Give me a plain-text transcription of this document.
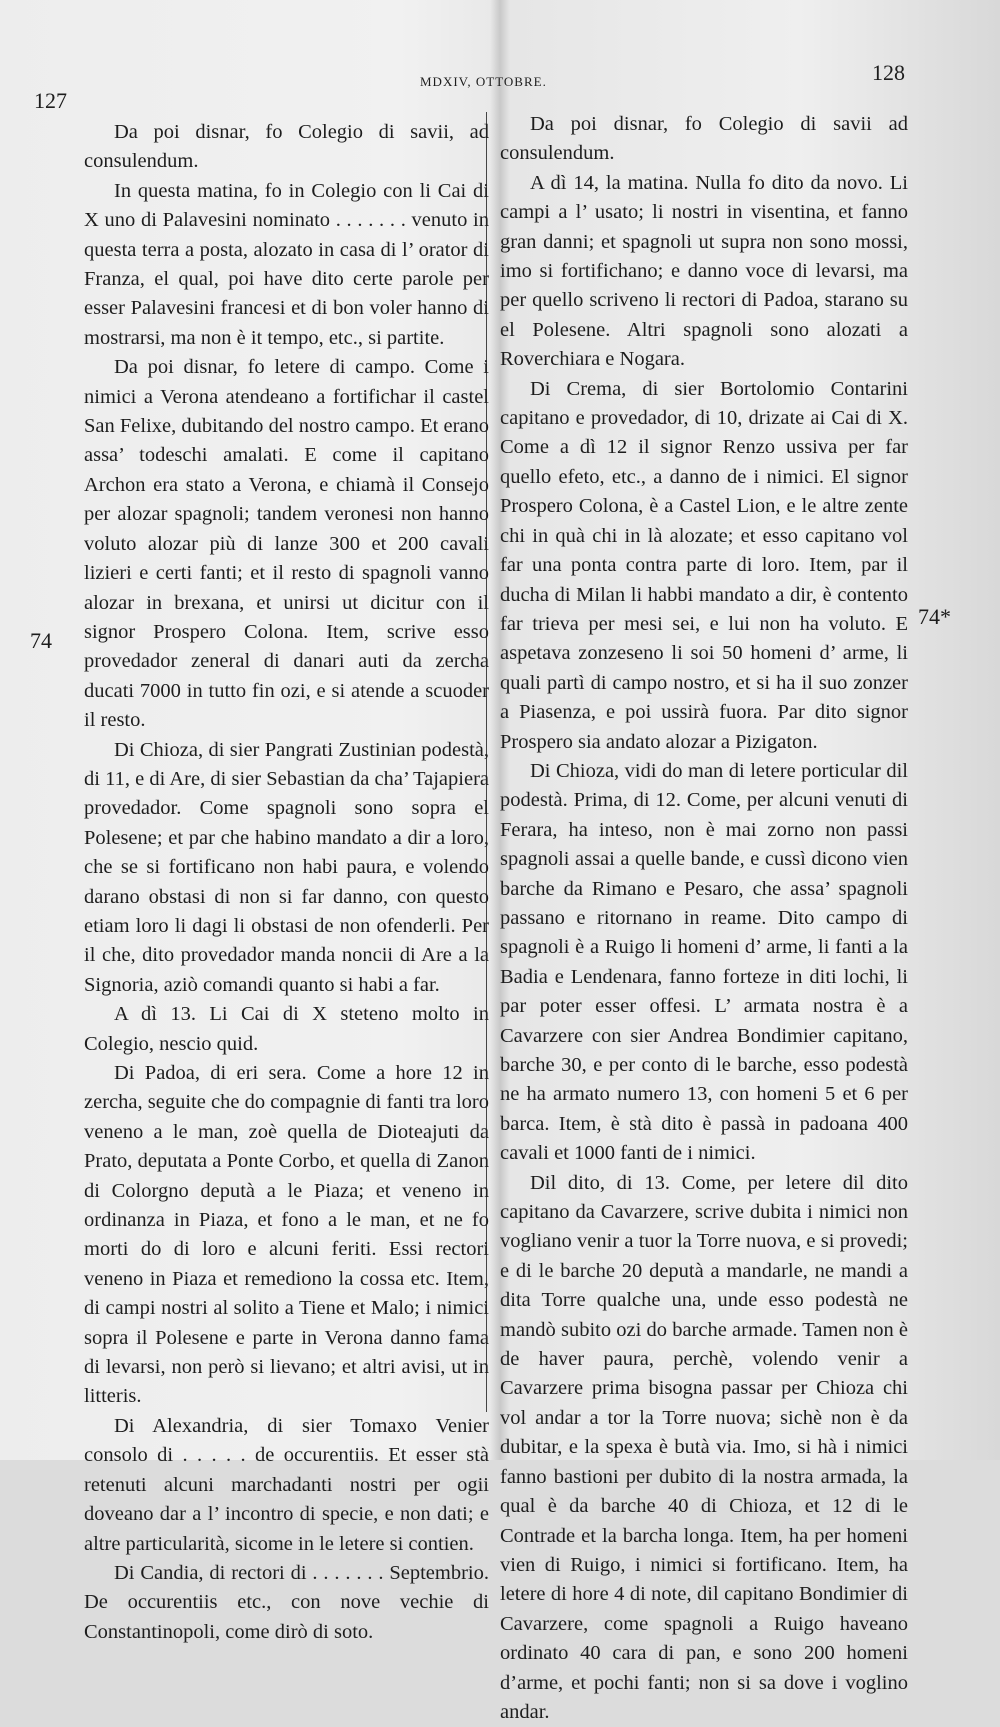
127
MDXIV, OTTOBRE.	128
74
74*

Da poi disnar, fo Colegio di savii, ad consulendum.

In questa matina, fo in Colegio con li Cai di X uno di Palavesini nominato . . . . . . . venuto in questa terra a posta, alozato in casa di l’ orator di Franza, el qual, poi have dito certe parole per esser Palavesini francesi et di bon voler hanno di mostrarsi, ma non è it tempo, etc., si partite.

Da poi disnar, fo letere di campo. Come i nimici a Verona atendeano a fortifichar il castel San Felixe, dubitando del nostro campo. Et erano assa’ todeschi amalati. E come il capitano Archon era stato a Verona, e chiamà il Consejo per alozar spagnoli; tandem veronesi non hanno voluto alozar più di lanze 300 et 200 cavali lizieri e certi fanti; et il resto di spagnoli vanno alozar in brexana, et unirsi ut dicitur con il signor Prospero Colona. Item, scrive esso provedador zeneral di danari auti da zercha ducati 7000 in tutto fin ozi, e si atende a scuoder il resto.

Di Chioza, di sier Pangrati Zustinian podestà, di 11, e di Are, di sier Sebastian da cha’ Tajapiera provedador. Come spagnoli sono sopra el Polesene; et par che habino mandato a dir a loro, che se si fortificano non habi paura, e volendo darano obstasi di non si far danno, con questo etiam loro li dagi li obstasi de non ofenderli. Per il che, dito provedador manda noncii di Are a la Signoria, aziò comandi quanto si habi a far.

A dì 13. Li Cai di X steteno molto in Colegio, nescio quid.

Di Padoa, di eri sera. Come a hore 12 in zercha, seguite che do compagnie di fanti tra loro veneno a le man, zoè quella de Dioteajuti da Prato, deputata a Ponte Corbo, et quella di Zanon di Colorgno deputà a le Piaza; et veneno in ordinanza in Piaza, et fono a le man, et ne fo morti do di loro e alcuni feriti. Essi rectori veneno in Piaza et remediono la cossa etc. Item, di campi nostri al solito a Tiene et Malo; i nimici sopra il Polesene e parte in Verona danno fama di levarsi, non però si lievano; et altri avisi, ut in litteris.

Di Alexandria, di sier Tomaxo Venier consolo di . . . . . de occurentiis. Et esser stà retenuti alcuni marchadanti nostri per ogii doveano dar a l’ incontro di specie, e non dati; e altre particularità, sicome in le letere si contien.

Di Candia, di rectori di . . . . . . . Septembrio. De occurentiis etc., con nove vechie di Constantinopoli, come dirò di soto.

Da poi disnar, fo Colegio di savii ad consulendum.

A dì 14, la matina. Nulla fo dito da novo. Li campi a l’ usato; li nostri in visentina, et fanno gran danni; et spagnoli ut supra non sono mossi, imo si fortifichano; e danno voce di levarsi, ma per quello scriveno li rectori di Padoa, starano su el Polesene. Altri spagnoli sono alozati a Roverchiara e Nogara.

Di Crema, di sier Bortolomio Contarini capitano e provedador, di 10, drizate ai Cai di X. Come a dì 12 il signor Renzo ussiva per far quello efeto, etc., a danno de i nimici. El signor Prospero Colona, è a Castel Lion, e le altre zente chi in quà chi in là alozate; et esso capitano vol far una ponta contra parte di loro. Item, par il ducha di Milan li habbi mandato a dir, è contento far trieva per mesi sei, e lui non ha voluto. E aspetava zonzeseno li soi 50 homeni d’ arme, li quali partì di campo nostro, et si ha il suo zonzer a Piasenza, e poi ussirà fuora. Par dito signor Prospero sia andato alozar a Pizigaton.

Di Chioza, vidi do man di letere porticular dil podestà. Prima, di 12. Come, per alcuni venuti di Ferara, ha inteso, non è mai zorno non passi spagnoli assai a quelle bande, e cussì dicono vien barche da Rimano e Pesaro, che assa’ spagnoli passano e ritornano in reame. Dito campo di spagnoli è a Ruigo li homeni d’ arme, li fanti a la Badia e Lendenara, fanno forteze in diti lochi, li par poter esser offesi. L’ armata nostra è a Cavarzere con sier Andrea Bondimier capitano, barche 30, e per conto di le barche, esso podestà ne ha armato numero 13, con homeni 5 et 6 per barca. Item, è stà dito è passà in padoana 400 cavali et 1000 fanti de i nimici.

Dil dito, di 13. Come, per letere dil dito capitano da Cavarzere, scrive dubita i nimici non vogliano venir a tuor la Torre nuova, e si provedi; e di le barche 20 deputà a mandarle, ne mandi a dita Torre qualche una, unde esso podestà ne mandò subito ozi do barche armade. Tamen non è de haver paura, perchè, volendo venir a Cavarzere prima bisogna passar per Chioza chi vol andar a tor la Torre nuova; sichè non è da dubitar, e la spexa è butà via. Imo, si hà i nimici fanno bastioni per dubito di la nostra armada, la qual è da barche 40 di Chioza, et 12 di le Contrade et la barcha longa. Item, ha per homeni vien di Ruigo, i nimici si fortificano. Item, ha letere di hore 4 di note, dil capitano Bondimier di Cavarzere, come spagnoli a Ruigo haveano ordinato 40 cara di pan, e sono 200 homeni d’arme, et pochi fanti; non si sa dove i voglino andar.
